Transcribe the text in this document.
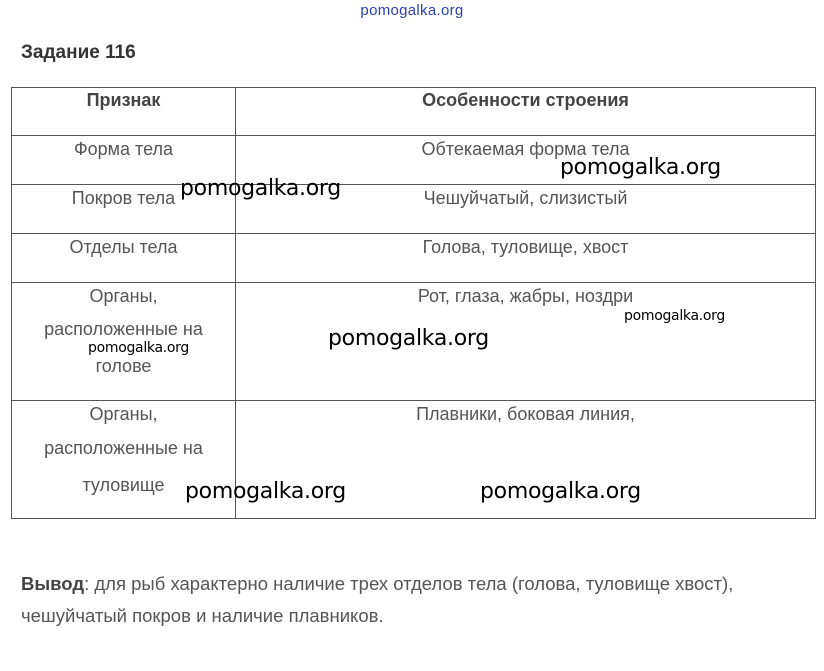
pomogalka.org
Задание 116
Признак	Особенности строения

Форма тела	Обтекаемая форма тела

Покров тела	Чешуйчатый, слизистый

Отделы тела	Голова, туловище, хвост

Органы,
расположенные на
голове	Рот, глаза, жабры, ноздри

Органы,
расположенные на
туловище	Плавники, боковая линия,
Вывод: для рыб характерно наличие трех отделов тела (голова, туловище хвост), чешуйчатый покров и наличие плавников.
pomogalka.org
pomogalka.org
pomogalka.org
pomogalka.org
pomogalka.org
pomogalka.org	pomogalka.org
